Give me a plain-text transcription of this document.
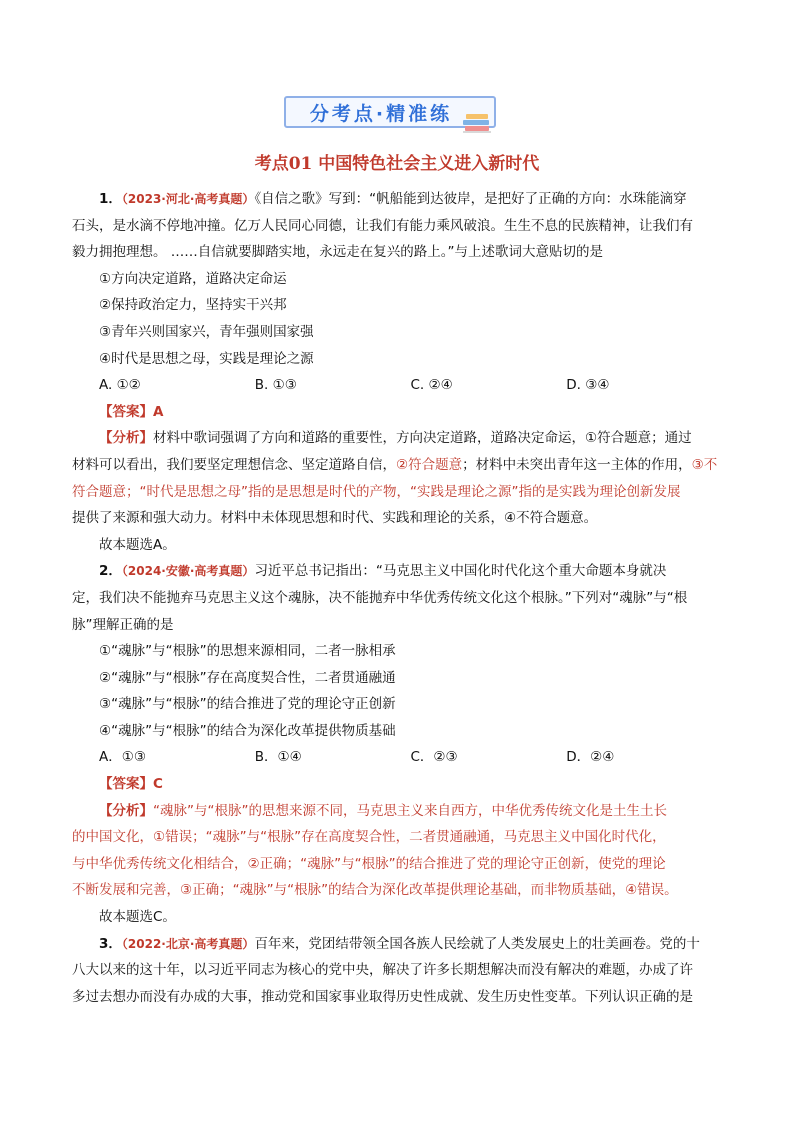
分考点·精准练
考点01 中国特色社会主义进入新时代
1．（2023·河北·高考真题）《自信之歌》写到：“帆船能到达彼岸，是把好了正确的方向：水珠能滴穿
石头，是水滴不停地冲撞。亿万人民同心同德，让我们有能力乘风破浪。生生不息的民族精神，让我们有
毅力拥抱理想。 ……自信就要脚踏实地，永远走在复兴的路上。”与上述歌词大意贴切的是
①方向决定道路，道路决定命运
②保持政治定力，坚持实干兴邦
③青年兴则国家兴，青年强则国家强
④时代是思想之母，实践是理论之源
A. ①②	B. ①③	C. ②④	D. ③④
【答案】A
【分析】材料中歌词强调了方向和道路的重要性，方向决定道路，道路决定命运，①符合题意；通过
材料可以看出，我们要坚定理想信念、坚定道路自信，②符合题意；材料中未突出青年这一主体的作用，③不
符合题意；“时代是思想之母”指的是思想是时代的产物，“实践是理论之源”指的是实践为理论创新发展
提供了来源和强大动力。材料中未体现思想和时代、实践和理论的关系，④不符合题意。
故本题选A。
2．（2024·安徽·高考真题）习近平总书记指出：“马克思主义中国化时代化这个重大命题本身就决
定，我们决不能抛弃马克思主义这个魂脉，决不能抛弃中华优秀传统文化这个根脉。”下列对“魂脉”与“根
脉”理解正确的是
①“魂脉”与“根脉”的思想来源相同，二者一脉相承
②“魂脉”与“根脉”存在高度契合性，二者贯通融通
③“魂脉”与“根脉”的结合推进了党的理论守正创新
④“魂脉”与“根脉”的结合为深化改革提供物质基础
A．①③	B．①④	C．②③	D．②④
【答案】C
【分析】“魂脉”与“根脉”的思想来源不同，马克思主义来自西方，中华优秀传统文化是土生土长
的中国文化，①错误；“魂脉”与“根脉”存在高度契合性，二者贯通融通，马克思主义中国化时代化，
与中华优秀传统文化相结合，②正确；“魂脉”与“根脉”的结合推进了党的理论守正创新，使党的理论
不断发展和完善，③正确；“魂脉”与“根脉”的结合为深化改革提供理论基础，而非物质基础，④错误。
故本题选C。
3．（2022·北京·高考真题）百年来，党团结带领全国各族人民绘就了人类发展史上的壮美画卷。党的十
八大以来的这十年，以习近平同志为核心的党中央，解决了许多长期想解决而没有解决的难题，办成了许
多过去想办而没有办成的大事，推动党和国家事业取得历史性成就、发生历史性变革。下列认识正确的是
